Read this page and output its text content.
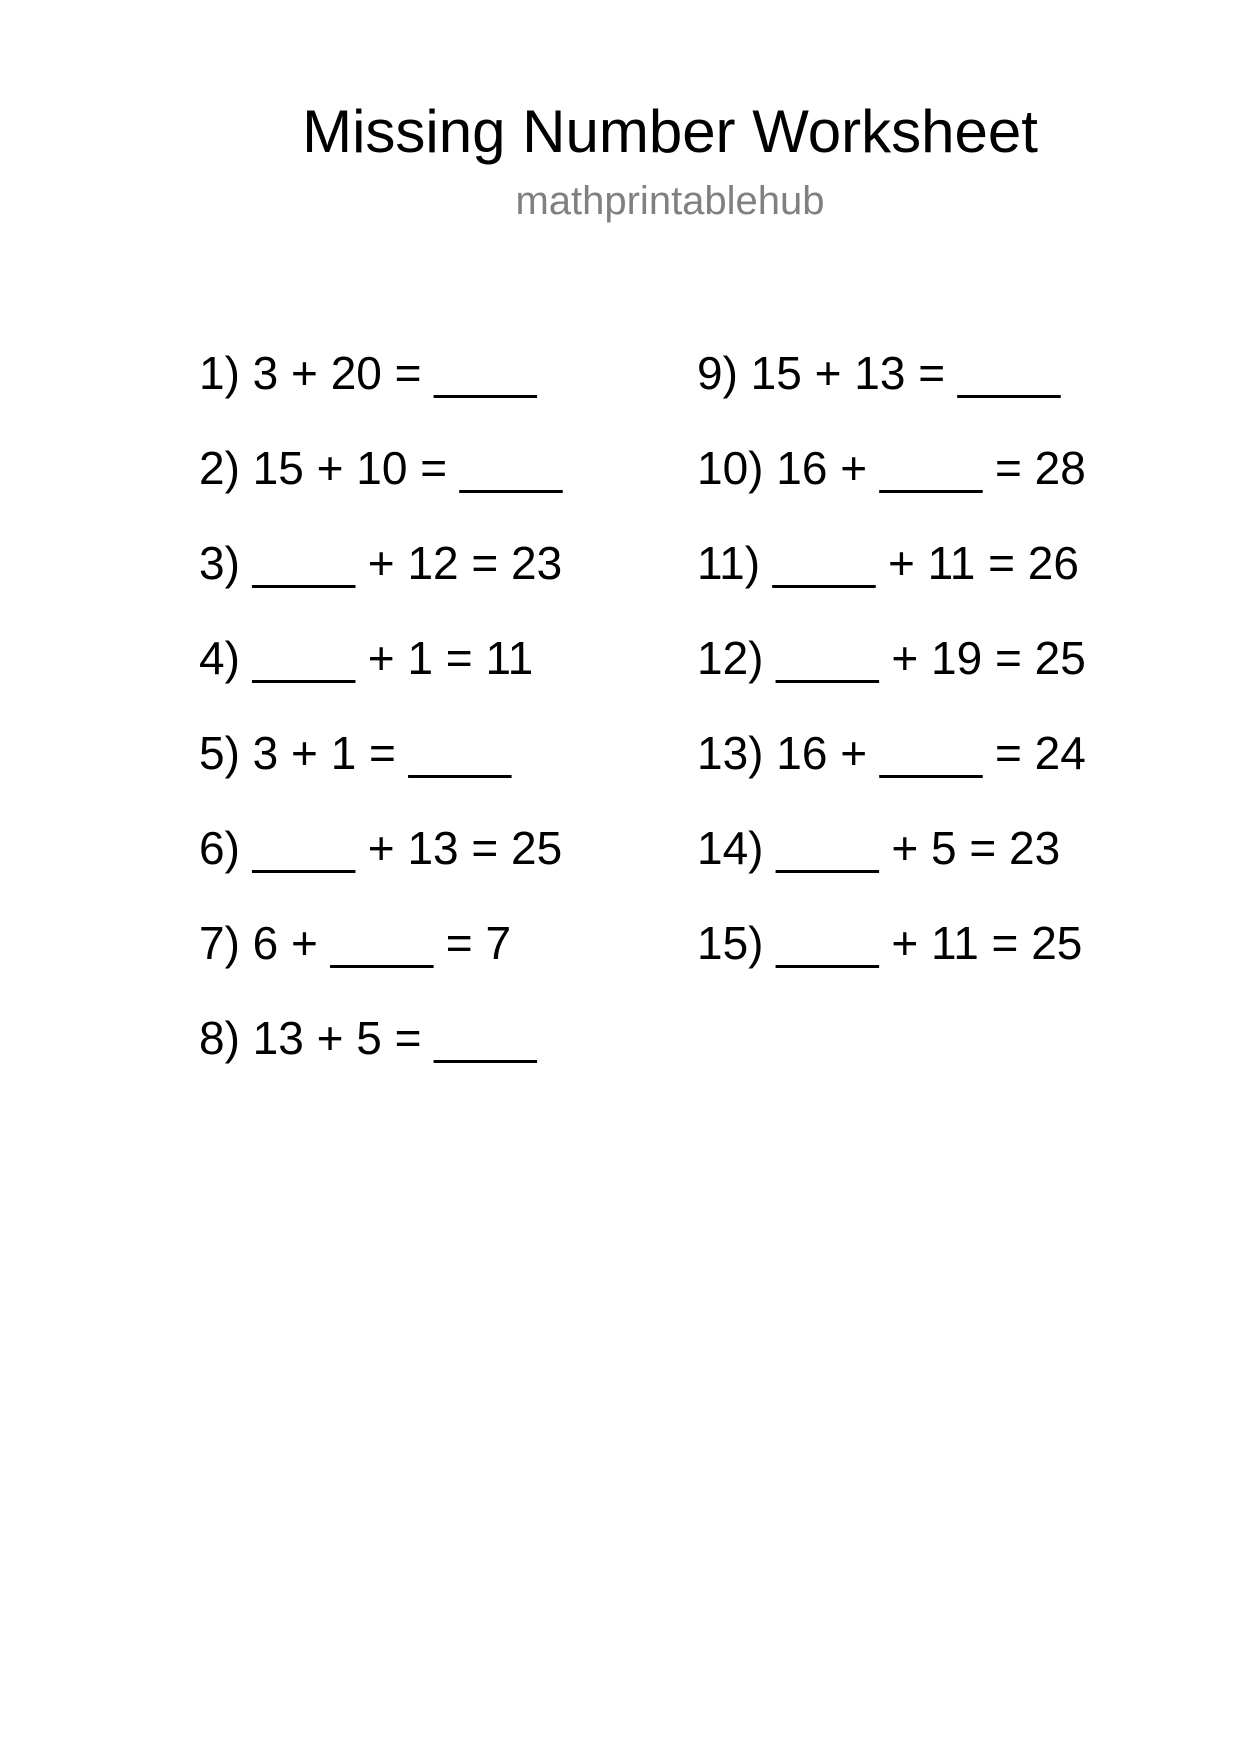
Missing Number Worksheet
mathprintablehub
1) 3 + 20 = ____
2) 15 + 10 = ____
3) ____ + 12 = 23
4) ____ + 1 = 11
5) 3 + 1 = ____
6) ____ + 13 = 25
7) 6 + ____ = 7
8) 13 + 5 = ____
9) 15 + 13 = ____
10) 16 + ____ = 28
11) ____ + 11 = 26
12) ____ + 19 = 25
13) 16 + ____ = 24
14) ____ + 5 = 23
15) ____ + 11 = 25
